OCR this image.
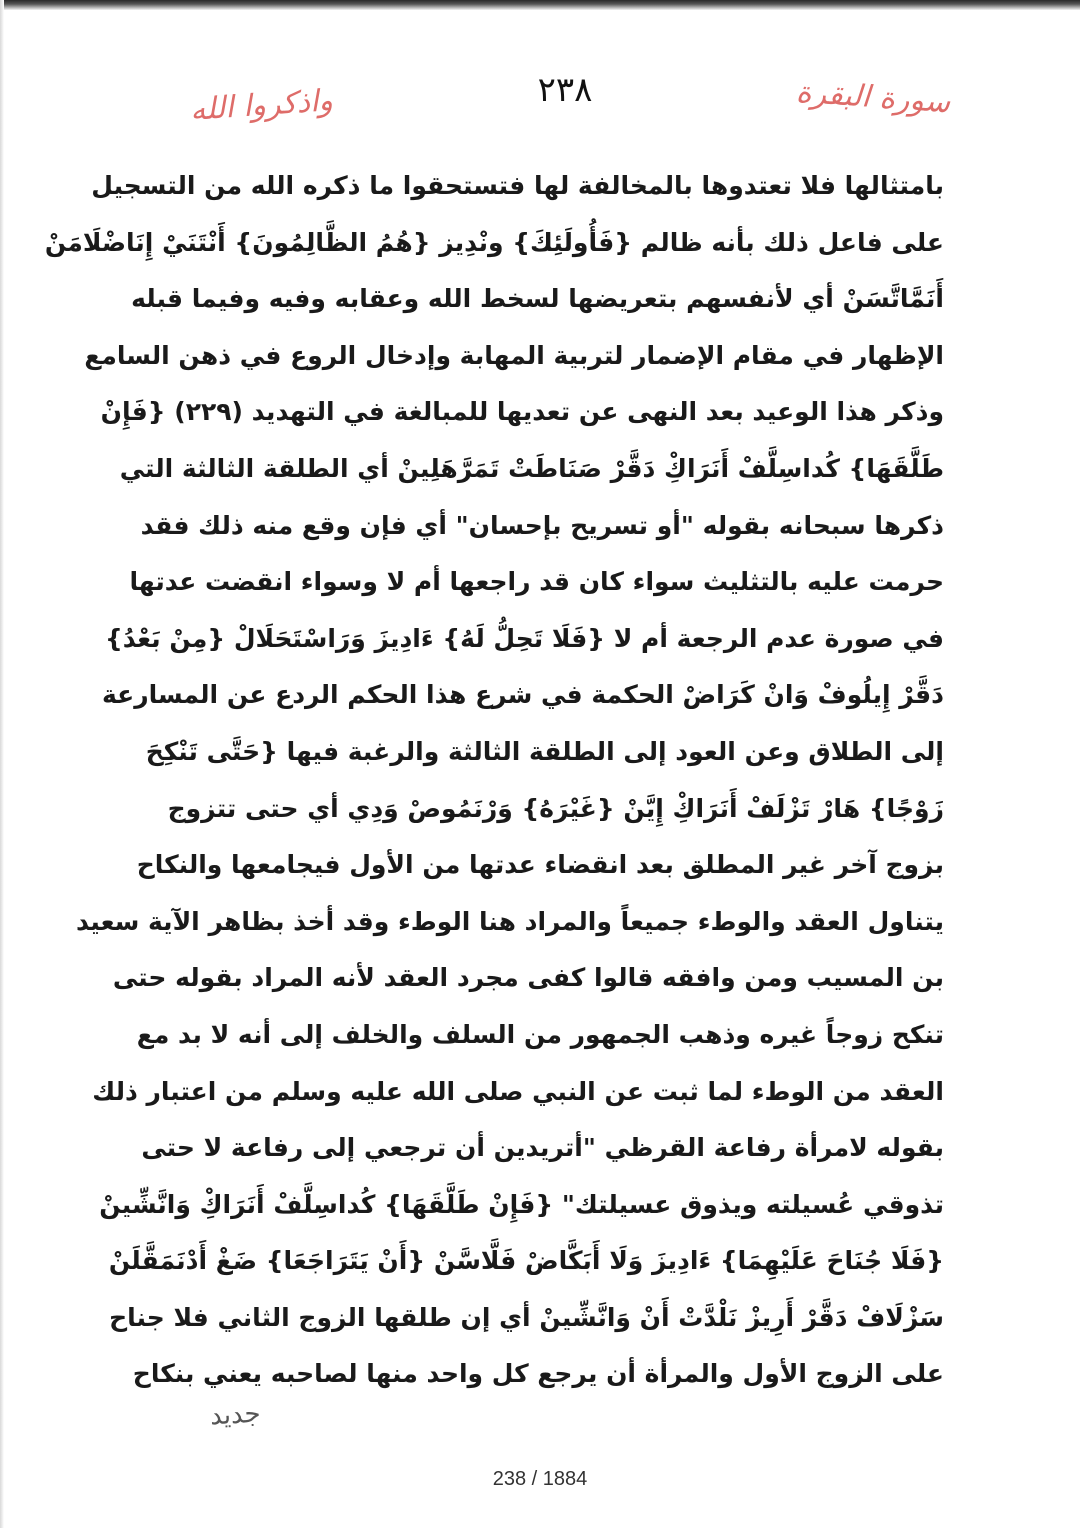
سورة البقرة
٢٣٨
واذكروا الله
بامتثالها فلا تعتدوها بالمخالفة لها فتستحقوا ما ذكره الله من التسجيل
على فاعل ذلك بأنه ظالم {فَأُولَئِكَ} ونْدِيز {هُمُ الظَّالِمُونَ} أَنْتَنَيْ إِنَاضْلَامَنْ
أَنَمَّاتَّسَنْ أي لأنفسهم بتعريضها لسخط الله وعقابه وفيه وفيما قبله
الإظهار في مقام الإضمار لتربية المهابة وإدخال الروع في ذهن السامع
وذكر هذا الوعيد بعد النهى عن تعديها للمبالغة في التهديد (٢٢٩) {فَإِنْ
طَلَّقَهَا} كُداسِلَّفْ أَنَرَاكِْ دَقَّرْ صَنَاطَتْ تَمَرَّهَلِينْ أي الطلقة الثالثة التي
ذكرها سبحانه بقوله "أو تسريح بإحسان" أي فإن وقع منه ذلك فقد
حرمت عليه بالتثليث سواء كان قد راجعها أم لا وسواء انقضت عدتها
في صورة عدم الرجعة أم لا {فَلَا تَحِلُّ لَهُ} ءَادِيزَ وَرَاسْتَحَلَالْ {مِنْ بَعْدُ}
دَقَّرْ إِيلُوفْ وَانْ كَرَاضْ الحكمة في شرع هذا الحكم الردع عن المسارعة
إلى الطلاق وعن العود إلى الطلقة الثالثة والرغبة فيها {حَتَّى تَنْكِحَ
زَوْجًا} هَارْ تَزْلَفْ أَنَرَاكِْ إِيَّنْ {غَيْرَهُ} وَرْنَمُوصْ وَدِي أي حتى تتزوج
بزوج آخر غير المطلق بعد انقضاء عدتها من الأول فيجامعها والنكاح
يتناول العقد والوطء جميعاً والمراد هنا الوطء وقد أخذ بظاهر الآية سعيد
بن المسيب ومن وافقه قالوا كفى مجرد العقد لأنه المراد بقوله حتى
تنكح زوجاً غيره وذهب الجمهور من السلف والخلف إلى أنه لا بد مع
العقد من الوطء لما ثبت عن النبي صلى الله عليه وسلم من اعتبار ذلك
بقوله لامرأة رفاعة القرظي "أتريدين أن ترجعي إلى رفاعة لا حتى
تذوقي عُسيلته ويذوق عسيلتك" {فَإِنْ طَلَّقَهَا} كُداسِلَّفْ أَنَرَاكِْ وَانَّشِّينْ
{فَلَا جُنَاحَ عَلَيْهِمَا} ءَادِيزَ وَلَا أَبَكَّاضْ فَلَّاسَّنْ {أَنْ يَتَرَاجَعَا} ضَغْ أَدْنَمَقَّلَنْ
سَزْلَافْ دَقَّرْ أَرِيزْ نَلْدَّتْ أَنْ وَانَّشِّينْ أي إن طلقها الزوج الثاني فلا جناح
على الزوج الأول والمرأة أن يرجع كل واحد منها لصاحبه يعني بنكاح
جديد
238 / 1884
